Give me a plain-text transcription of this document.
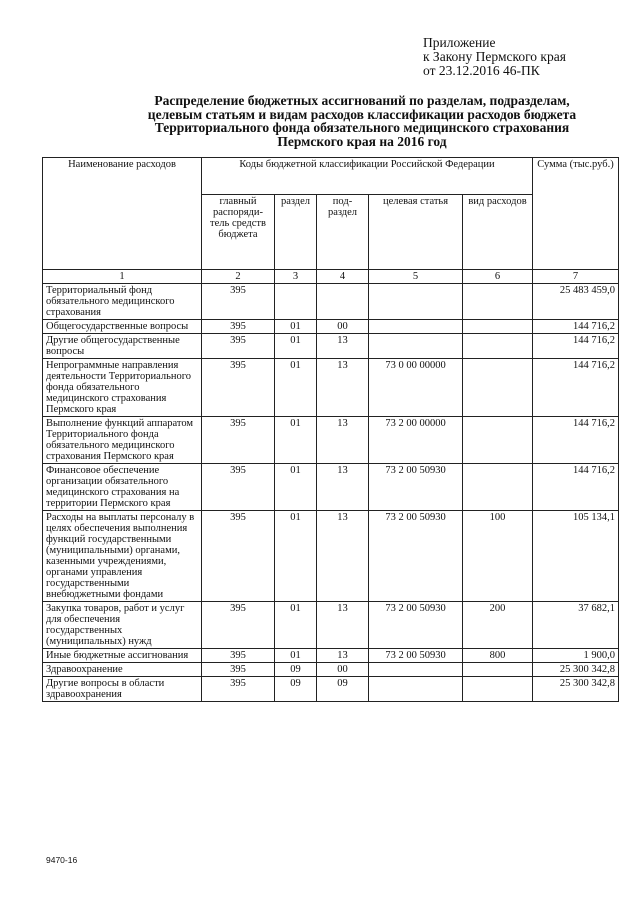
Приложение
к Закону Пермского края
от 23.12.2016 46-ПК
Распределение бюджетных ассигнований по разделам, подразделам,
целевым статьям и видам расходов классификации расходов бюджета
Территориального фонда обязательного медицинского страхования
Пермского края на 2016 год
Наименование расходов	Коды бюджетной классификации Российской Федерации					Сумма (тыс.руб.)
	главный распоряди-тель средств бюджета	раздел	под-раздел	целевая статья	вид расходов	
1	2	3	4	5	6	7
Территориальный фонд обязательного медицинского страхования	395					25 483 459,0
Общегосударственные вопросы	395	01	00			144 716,2
Другие общегосударственные вопросы	395	01	13			144 716,2
Непрограммные направления деятельности Территориального фонда обязательного медицинского страхования Пермского края	395	01	13	73 0 00 00000		144 716,2
Выполнение функций аппаратом Территориального фонда обязательного медицинского страхования Пермского края	395	01	13	73 2 00 00000		144 716,2
Финансовое обеспечение организации обязательного медицинского страхования на территории Пермского края	395	01	13	73 2 00 50930		144 716,2
Расходы на выплаты персоналу в целях обеспечения выполнения функций государственными (муниципальными) органами, казенными учреждениями, органами управления государственными внебюджетными фондами	395	01	13	73 2 00 50930	100	105 134,1
Закупка товаров, работ и услуг для обеспечения государственных (муниципальных) нужд	395	01	13	73 2 00 50930	200	37 682,1
Иные бюджетные ассигнования	395	01	13	73 2 00 50930	800	1 900,0
Здравоохранение	395	09	00			25 300 342,8
Другие вопросы в области здравоохранения	395	09	09			25 300 342,8
9470-16
